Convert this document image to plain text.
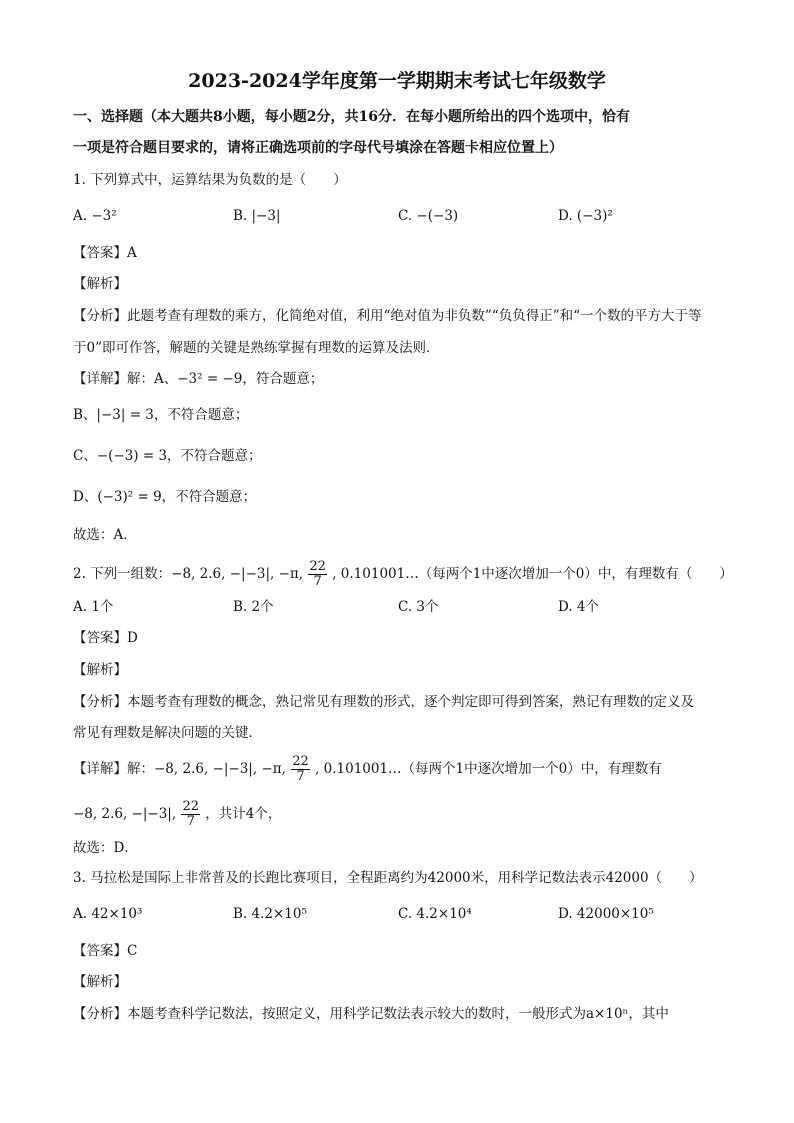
2023-2024学年度第一学期期末考试七年级数学
一、选择题（本大题共8小题，每小题2分，共16分．在每小题所给出的四个选项中，恰有
一项是符合题目要求的，请将正确选项前的字母代号填涂在答题卡相应位置上）
1. 下列算式中，运算结果为负数的是（　　）
A. −3²	B. |−3|	C. −(−3)	D. (−3)²
【答案】A
【解析】
【分析】此题考查有理数的乘方，化简绝对值，利用“绝对值为非负数”“负负得正”和“一个数的平方大于等
于0”即可作答，解题的关键是熟练掌握有理数的运算及法则．
【详解】解：A、−3² = −9，符合题意；
B、|−3| = 3，不符合题意；
C、−(−3) = 3，不符合题意；
D、(−3)² = 9，不符合题意；
故选：A．
2. 下列一组数：−8, 2.6, −|−3|, −π, $\frac{22}{7}$ , 0.101001…（每两个1中逐次增加一个0）中，有理数有（　　）
A. 1个	B. 2个	C. 3个	D. 4个
【答案】D
【解析】
【分析】本题考查有理数的概念，熟记常见有理数的形式，逐个判定即可得到答案，熟记有理数的定义及
常见有理数是解决问题的关键．
【详解】解：−8, 2.6, −|−3|, −π, $\frac{22}{7}$ , 0.101001…（每两个1中逐次增加一个0）中，有理数有
−8, 2.6, −|−3|, $\frac{22}{7}$ ，共计4个，
故选：D．
3. 马拉松是国际上非常普及的长跑比赛项目，全程距离约为42000米，用科学记数法表示42000（　　）
A. 42×10³	B. 4.2×10⁵	C. 4.2×10⁴	D. 42000×10⁵
【答案】C
【解析】
【分析】本题考查科学记数法，按照定义，用科学记数法表示较大的数时，一般形式为a×10ⁿ，其中
